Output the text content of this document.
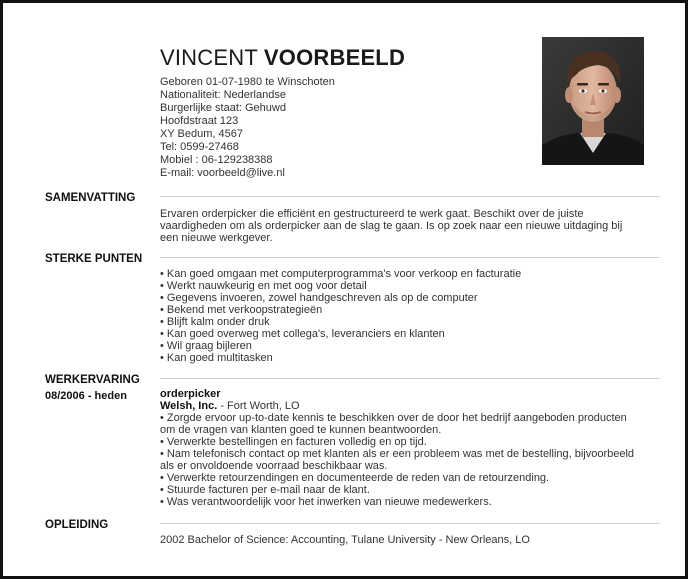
VINCENT VOORBEELD
Geboren 01-07-1980 te Winschoten
Nationaliteit: Nederlandse
Burgerlijke staat: Gehuwd
Hoofdstraat 123
XY Bedum, 4567
Tel: 0599-27468
Mobiel : 06-129238388
E-mail: voorbeeld@live.nl
SAMENVATTING
Ervaren orderpicker die efficiënt en gestructureerd te werk gaat. Beschikt over de juiste vaardigheden om als orderpicker aan de slag te gaan. Is op zoek naar een nieuwe uitdaging bij een nieuwe werkgever.
STERKE PUNTEN
• Kan goed omgaan met computerprogramma's voor verkoop en facturatie
• Werkt nauwkeurig en met oog voor detail
• Gegevens invoeren, zowel handgeschreven als op de computer
• Bekend met verkoopstrategieën
• Blijft kalm onder druk
• Kan goed overweg met collega's, leveranciers en klanten
• Wil graag bijleren
• Kan goed multitasken
WERKERVARING
08/2006 - heden	orderpicker
Welsh, Inc. - Fort Worth, LO
• Zorgde ervoor up-to-date kennis te beschikken over de door het bedrijf aangeboden producten om de vragen van klanten goed te kunnen beantwoorden.
• Verwerkte bestellingen en facturen volledig en op tijd.
• Nam telefonisch contact op met klanten als er een probleem was met de bestelling, bijvoorbeeld als er onvoldoende voorraad beschikbaar was.
• Verwerkte retourzendingen en documenteerde de reden van de retourzending.
• Stuurde facturen per e-mail naar de klant.
• Was verantwoordelijk voor het inwerken van nieuwe medewerkers.
OPLEIDING
2002 Bachelor of Science: Accounting, Tulane University - New Orleans, LO
